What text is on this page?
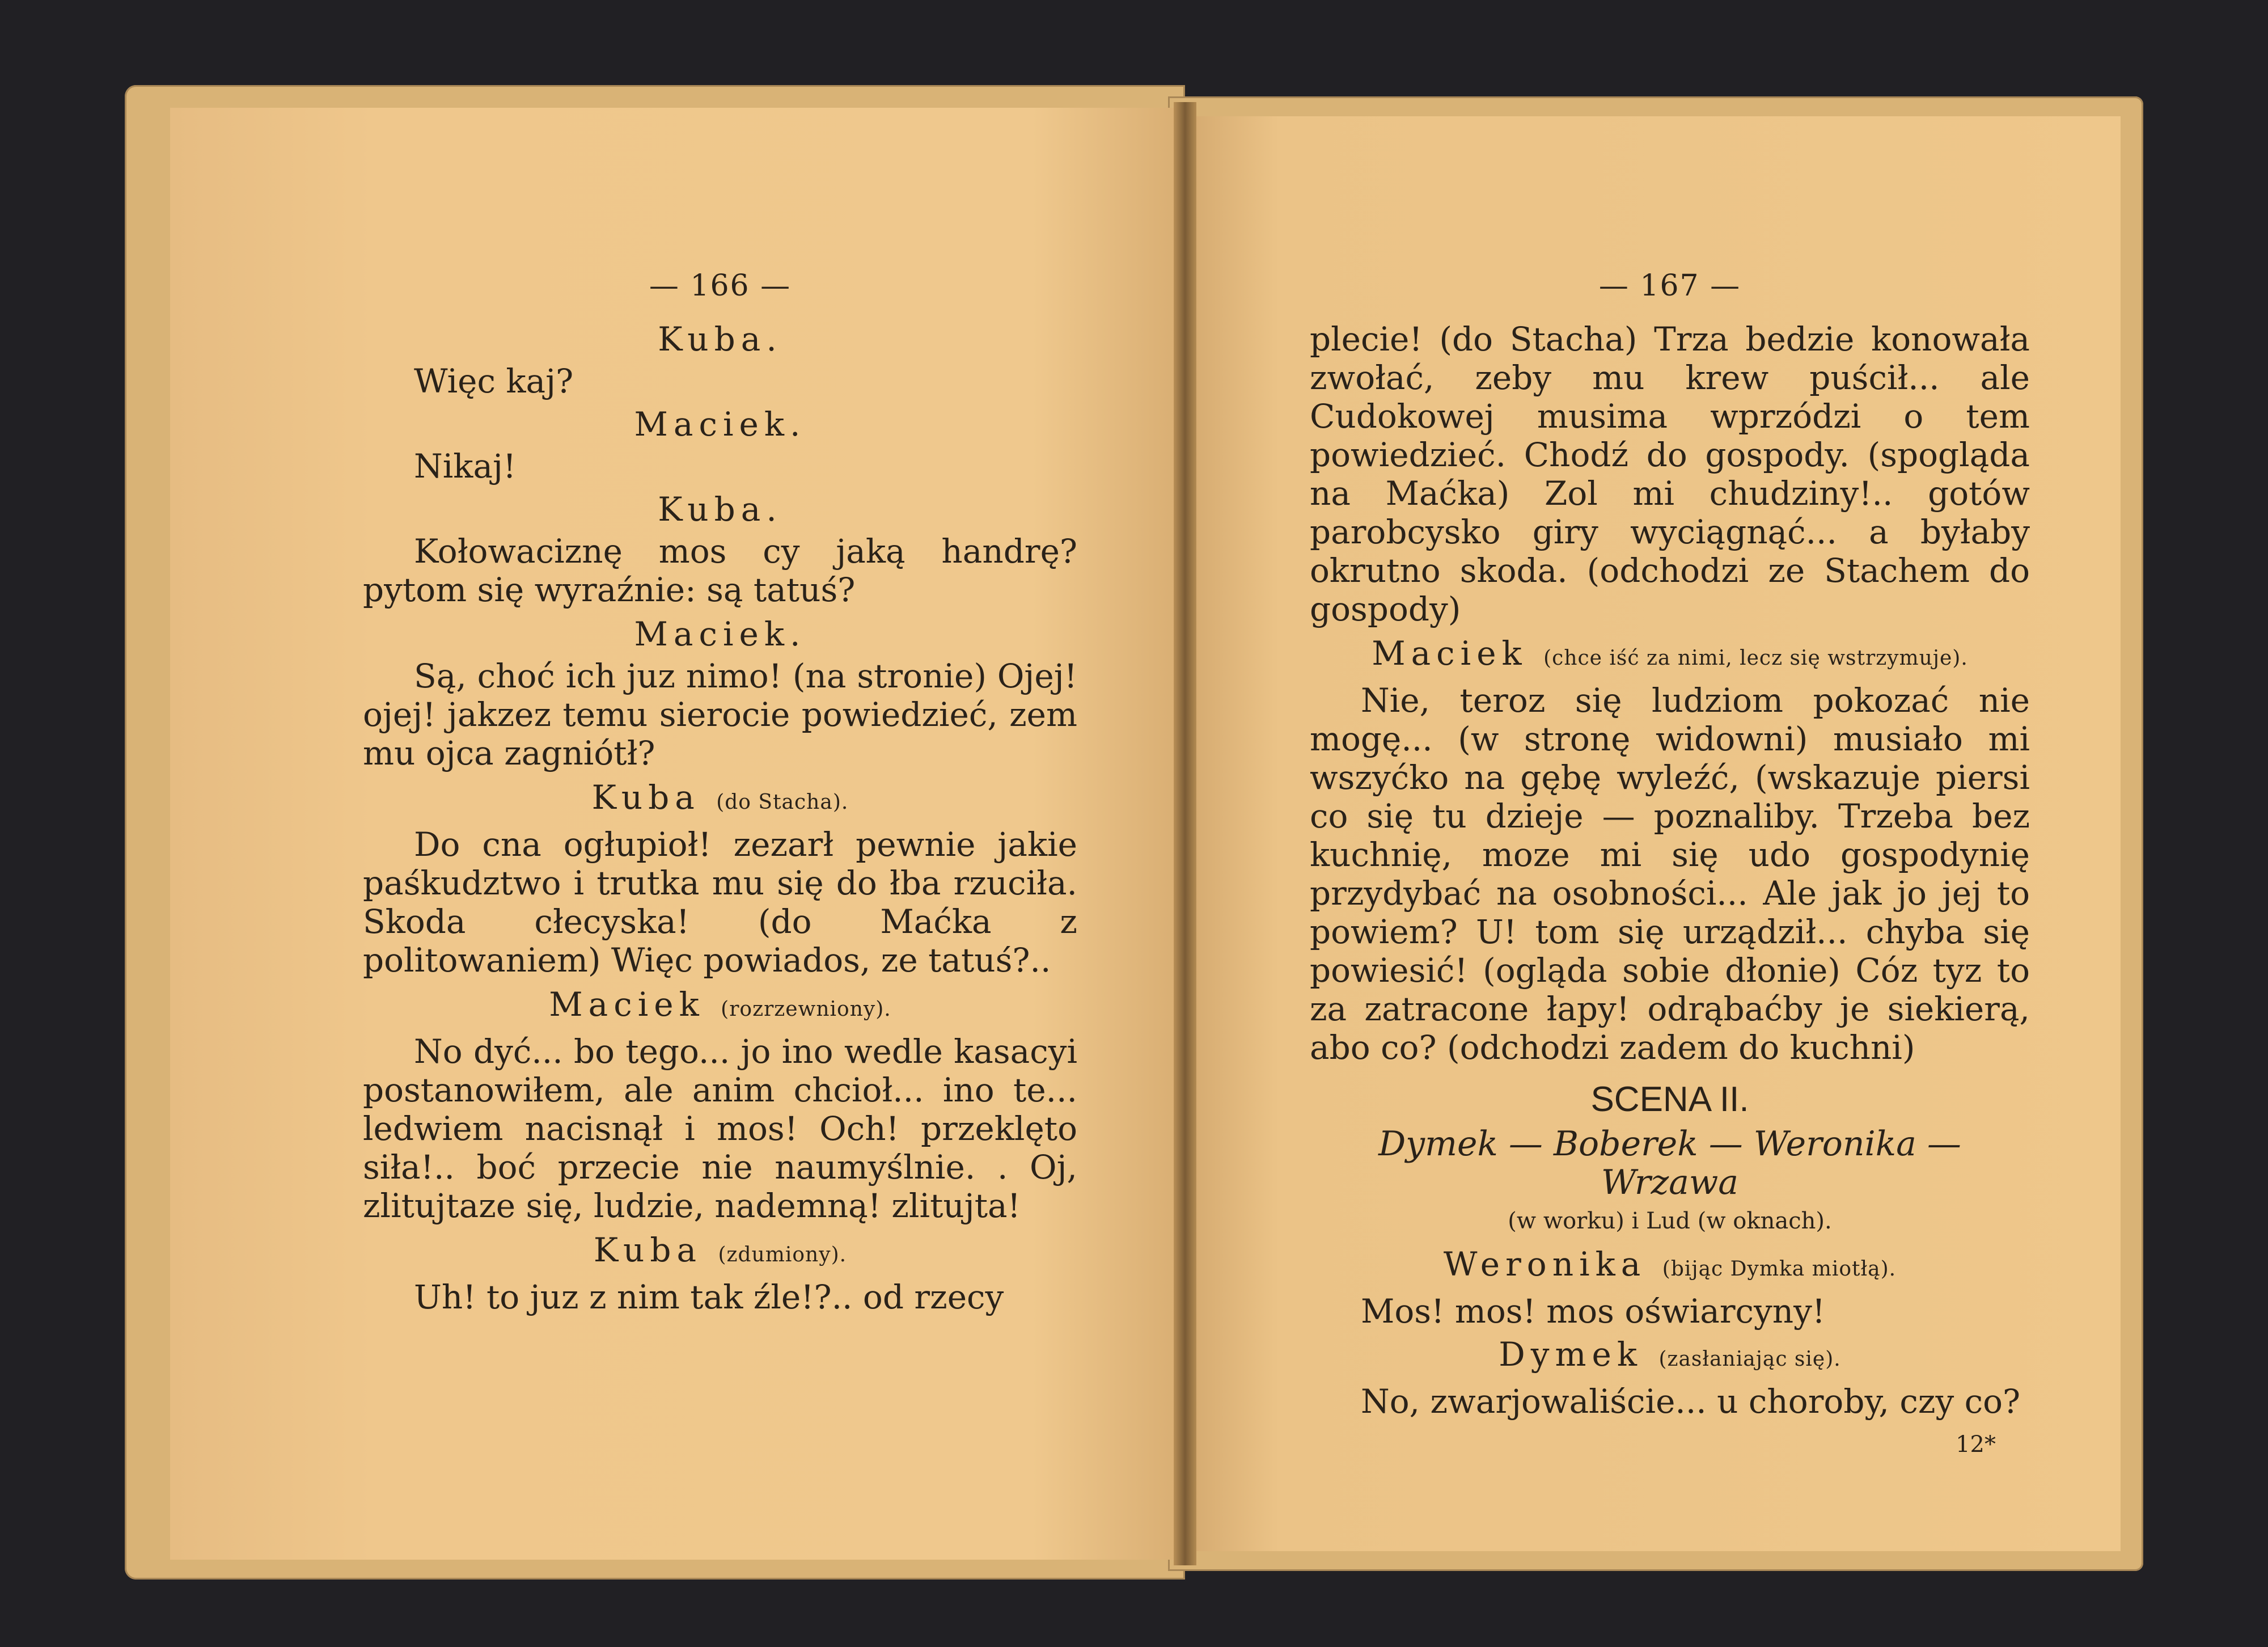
— 166 —
Kuba.
Więc kaj?
Maciek.
Nikaj!
Kuba.

Kołowaciznę mos cy jaką handrę? pytom się wyraźnie: są tatuś?

Maciek.

Są, choć ich juz nimo! (na stronie) Ojej! ojej! jakzez temu sierocie powiedzieć, zem mu ojca zagniótł?

Kuba (do Stacha).

Do cna ogłupioł! zezarł pewnie jakie paśkudztwo i trutka mu się do łba rzuciła. Skoda cłecyska! (do Maćka z politowaniem) Więc powiados, ze tatuś?..

Maciek (rozrzewniony).

No dyć... bo tego... jo ino wedle kasacyi postanowiłem, ale anim chcioł... ino te... ledwiem nacisnął i mos! Och! przeklęto siła!.. boć przecie nie naumyślnie. . Oj, zlitujtaze się, ludzie, nademną! zlitujta!

Kuba (zdumiony).

Uh! to juz z nim tak źle!?.. od rzecy

— 167 —

plecie! (do Stacha) Trza bedzie konowała zwołać, zeby mu krew puścił... ale Cudokowej musima wprzódzi o tem powiedzieć. Chodź do gospody. (spogląda na Maćka) Zol mi chudziny!.. gotów parobcysko giry wyciągnąć... a byłaby okrutno skoda. (odchodzi ze Stachem do gospody)

Maciek (chce iść za nimi, lecz się wstrzymuje).

Nie, teroz się ludziom pokozać nie mogę... (w stronę widowni) musiało mi wszyćko na gębę wyleźć, (wskazuje piersi co się tu dzieje — poznaliby. Trzeba bez kuchnię, moze mi się udo gospodynię przydybać na osobności... Ale jak jo jej to powiem? U! tom się urządził... chyba się powiesić! (ogląda sobie dłonie) Cóz tyz to za zatracone łapy! odrąbaćby je siekierą, abo co? (odchodzi zadem do kuchni)

SCENA II.
Dymek — Boberek — Weronika — Wrzawa
(w worku) i Lud (w oknach).
Weronika (bijąc Dymka miotłą).
Mos! mos! mos oświarcyny!
Dymek (zasłaniając się).
No, zwarjowaliście... u choroby, czy co?
12*
